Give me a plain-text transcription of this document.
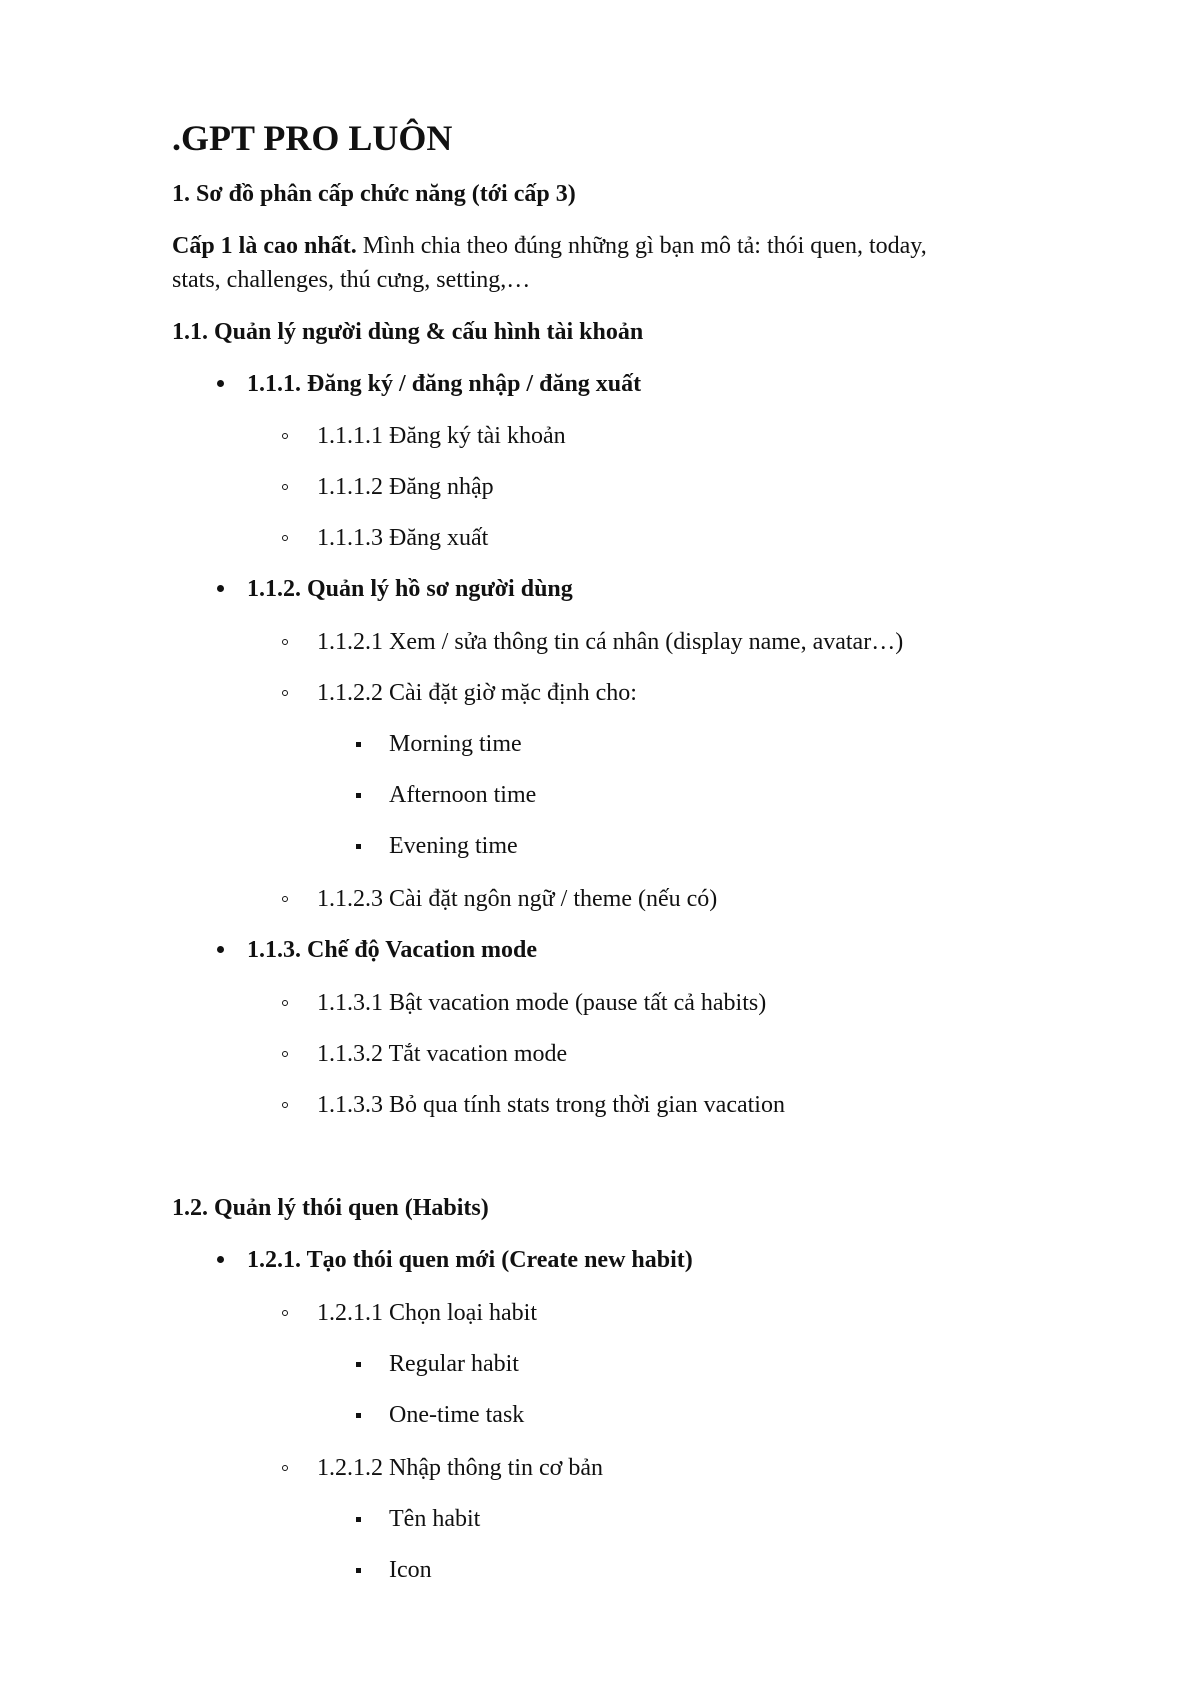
.GPT PRO LUÔN
1. Sơ đồ phân cấp chức năng (tới cấp 3)
Cấp 1 là cao nhất. Mình chia theo đúng những gì bạn mô tả: thói quen, today,
stats, challenges, thú cưng, setting,…
1.1. Quản lý người dùng & cấu hình tài khoản
1.1.1. Đăng ký / đăng nhập / đăng xuất
1.1.1.1 Đăng ký tài khoản
1.1.1.2 Đăng nhập
1.1.1.3 Đăng xuất
1.1.2. Quản lý hồ sơ người dùng
1.1.2.1 Xem / sửa thông tin cá nhân (display name, avatar…)
1.1.2.2 Cài đặt giờ mặc định cho:
Morning time
Afternoon time
Evening time
1.1.2.3 Cài đặt ngôn ngữ / theme (nếu có)
1.1.3. Chế độ Vacation mode
1.1.3.1 Bật vacation mode (pause tất cả habits)
1.1.3.2 Tắt vacation mode
1.1.3.3 Bỏ qua tính stats trong thời gian vacation
1.2. Quản lý thói quen (Habits)
1.2.1. Tạo thói quen mới (Create new habit)
1.2.1.1 Chọn loại habit
Regular habit
One-time task
1.2.1.2 Nhập thông tin cơ bản
Tên habit
Icon
